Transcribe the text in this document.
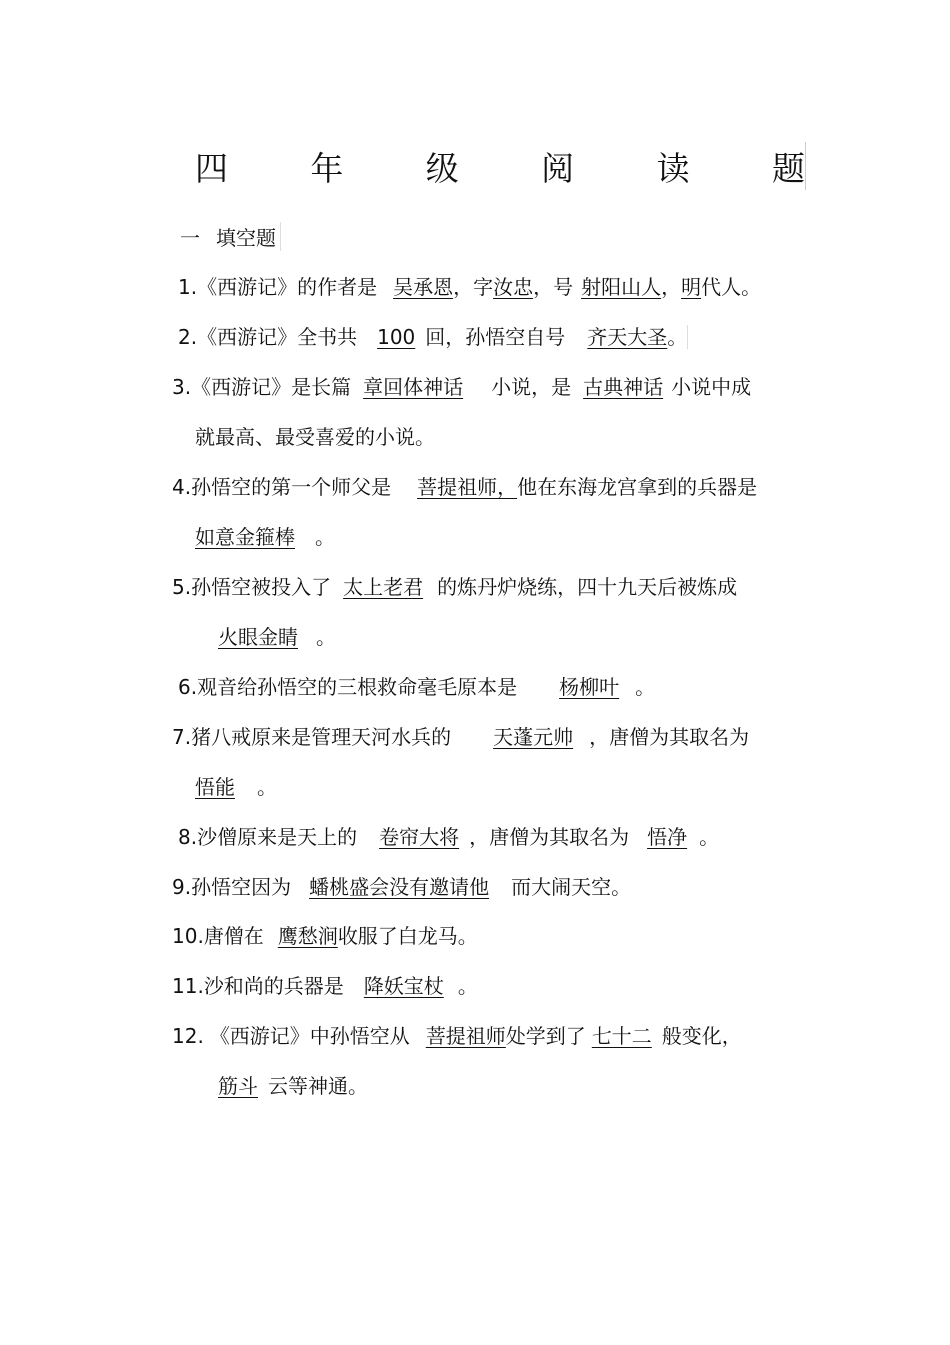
四 年 级 阅 读 题
一 填空题
1.《西游记》的作者是 吴承恩，字汝忠，号 射阳山人，明代人。
2.《西游记》全书共 100 回，孙悟空自号 齐天大圣。
3.《西游记》是长篇 章回体神话 小说，是 古典神话 小说中成
就最高、最受喜爱的小说。
4.孙悟空的第一个师父是 菩提祖师，他在东海龙宫拿到的兵器是
如意金箍棒 。
5.孙悟空被投入了 太上老君 的炼丹炉烧练，四十九天后被炼成
火眼金睛 。
6.观音给孙悟空的三根救命毫毛原本是 杨柳叶 。
7.猪八戒原来是管理天河水兵的 天蓬元帅 ，唐僧为其取名为
悟能 。
8.沙僧原来是天上的 卷帘大将 ，唐僧为其取名为 悟净 。
9.孙悟空因为 蟠桃盛会没有邀请他 而大闹天空。
10.唐僧在 鹰愁涧收服了白龙马。
11.沙和尚的兵器是 降妖宝杖 。
12. 《西游记》中孙悟空从 菩提祖师处学到了 七十二 般变化，
筋斗 云等神通。
